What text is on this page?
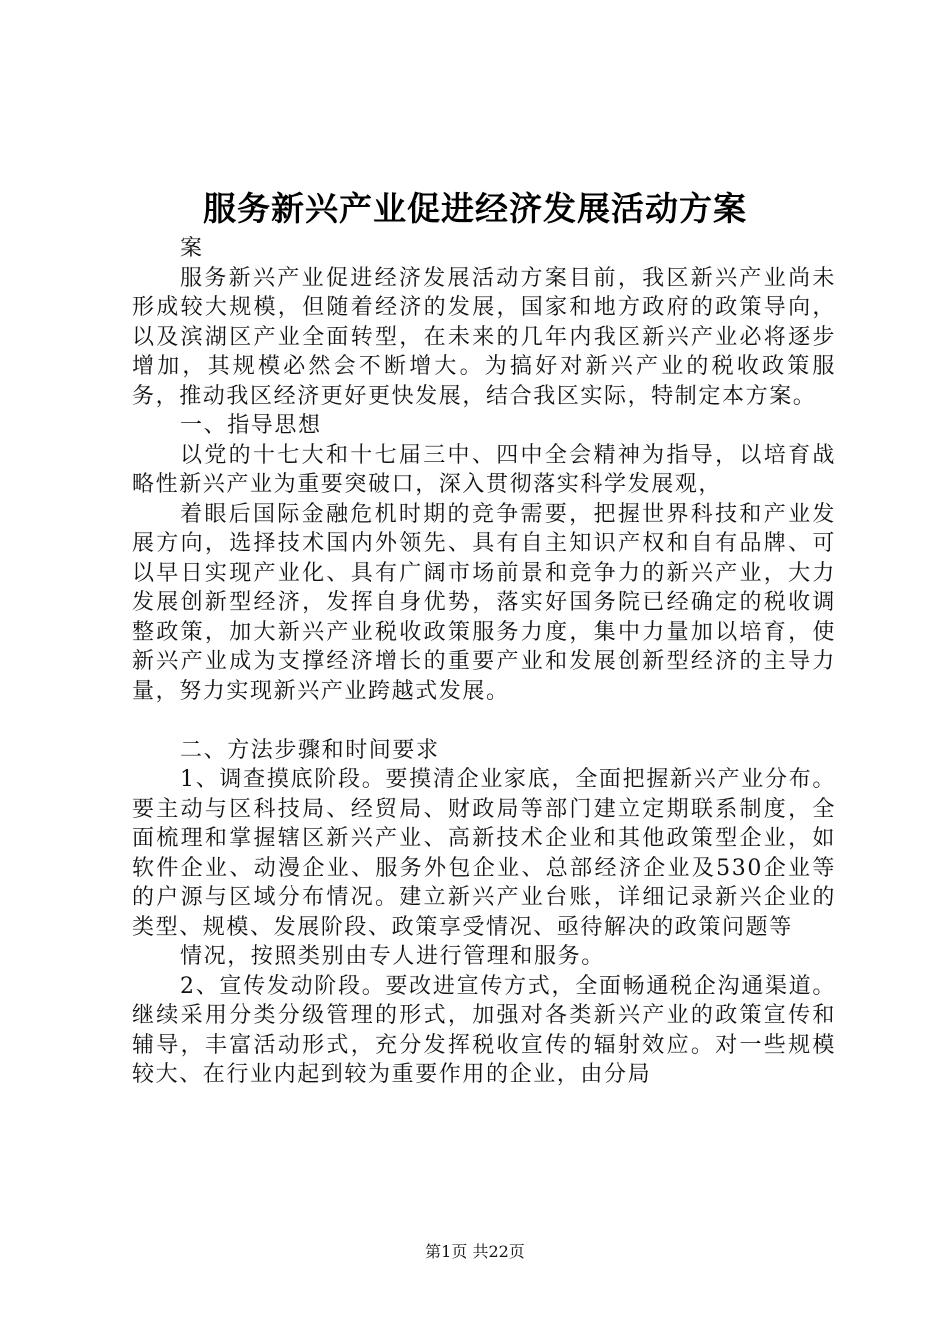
服务新兴产业促进经济发展活动方案

案

服务新兴产业促进经济发展活动方案目前，我区新兴产业尚未形成较大规模，但随着经济的发展，国家和地方政府的政策导向，以及滨湖区产业全面转型，在未来的几年内我区新兴产业必将逐步增加，其规模必然会不断增大。为搞好对新兴产业的税收政策服务，推动我区经济更好更快发展，结合我区实际，特制定本方案。

一、指导思想

以党的十七大和十七届三中、四中全会精神为指导，以培育战略性新兴产业为重要突破口，深入贯彻落实科学发展观，

着眼后国际金融危机时期的竞争需要，把握世界科技和产业发展方向，选择技术国内外领先、具有自主知识产权和自有品牌、可以早日实现产业化、具有广阔市场前景和竞争力的新兴产业，大力发展创新型经济，发挥自身优势，落实好国务院已经确定的税收调整政策，加大新兴产业税收政策服务力度，集中力量加以培育，使新兴产业成为支撑经济增长的重要产业和发展创新型经济的主导力量，努力实现新兴产业跨越式发展。

二、方法步骤和时间要求

1、调查摸底阶段。要摸清企业家底，全面把握新兴产业分布。要主动与区科技局、经贸局、财政局等部门建立定期联系制度，全面梳理和掌握辖区新兴产业、高新技术企业和其他政策型企业，如软件企业、动漫企业、服务外包企业、总部经济企业及530企业等的户源与区域分布情况。建立新兴产业台账，详细记录新兴企业的类型、规模、发展阶段、政策享受情况、亟待解决的政策问题等

情况，按照类别由专人进行管理和服务。

2、宣传发动阶段。要改进宣传方式，全面畅通税企沟通渠道。继续采用分类分级管理的形式，加强对各类新兴产业的政策宣传和辅导，丰富活动形式，充分发挥税收宣传的辐射效应。对一些规模较大、在行业内起到较为重要作用的企业，由分局

第1页 共22页
